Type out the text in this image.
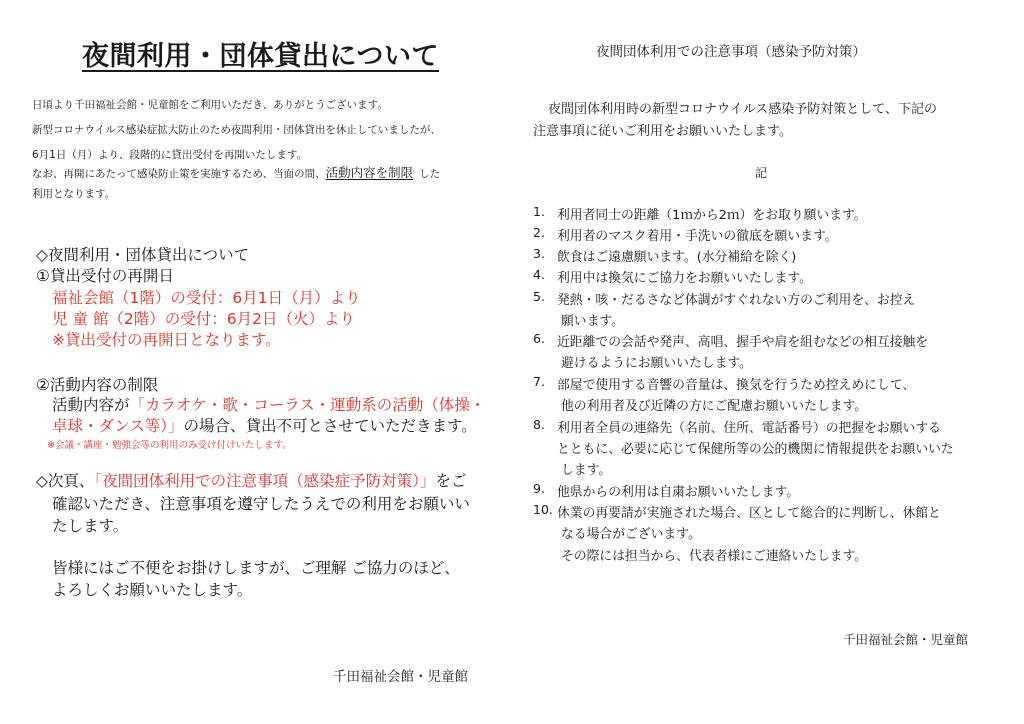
夜間利用・団体貸出について
日頃より千田福祉会館・児童館をご利用いただき、ありがとうございます。
新型コロナウイルス感染症拡大防止のため夜間利用・団体貸出を休止していましたが、
6月1日（月）より、段階的に貸出受付を再開いたします。
なお、再開にあたって感染防止策を実施するため、当面の間、活動内容を制限 した
利用となります。
◇夜間利用・団体貸出について
①貸出受付の再開日
福祉会館（1階）の受付：6月1日（月）より
児 童 館（2階）の受付：6月2日（火）より
※貸出受付の再開日となります。
②活動内容の制限
活動内容が「カラオケ・歌・コーラス・運動系の活動（体操・
卓球・ダンス等）」の場合、貸出不可とさせていただきます。
※会議・講座・勉強会等の利用のみ受け付けいたします。
◇次頁、「夜間団体利用での注意事項（感染症予防対策）」をご
確認いただき、注意事項を遵守したうえでの利用をお願いい
たします。
皆様にはご不便をお掛けしますが、ご理解 ご協力のほど、
よろしくお願いいたします。
千田福祉会館・児童館
夜間団体利用での注意事項（感染予防対策）
夜間団体利用時の新型コロナウイルス感染予防対策として、下記の
注意事項に従いご利用をお願いいたします。
記
1. 利用者同士の距離（1ｍから2ｍ）をお取り願います。
2. 利用者のマスク着用・手洗いの徹底を願います。
3. 飲食はご遠慮願います。(水分補給を除く)
4. 利用中は換気にご協力をお願いいたします。
5. 発熱・咳・だるさなど体調がすぐれない方のご利用を、お控え
願います。
6. 近距離での会話や発声、高唱、握手や肩を組むなどの相互接触を
避けるようにお願いいたします。
7. 部屋で使用する音響の音量は、換気を行うため控えめにして、
他の利用者及び近隣の方にご配慮お願いいたします。
8. 利用者全員の連絡先（名前、住所、電話番号）の把握をお願いする
とともに、必要に応じて保健所等の公的機関に情報提供をお願いいた
します。
9. 他県からの利用は自粛お願いいたします。
10. 休業の再要請が実施された場合、区として総合的に判断し、休館と
なる場合がございます。
その際には担当から、代表者様にご連絡いたします。
千田福祉会館・児童館
